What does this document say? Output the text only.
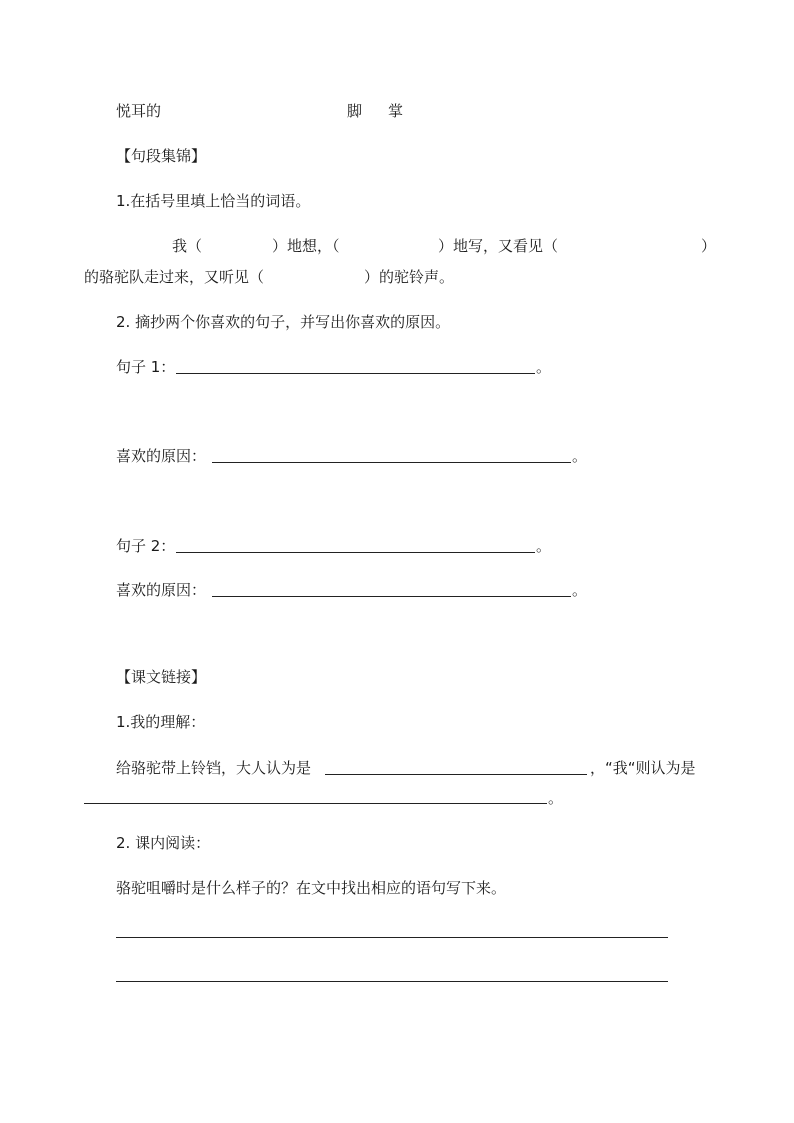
悦耳的	脚 掌
【句段集锦】
1.在括号里填上恰当的词语。
我（	）地想，（	）地写，又看见（	）
的骆驼队走过来，又听见（	）的驼铃声。
2. 摘抄两个你喜欢的句子，并写出你喜欢的原因。
句子 1：	。
喜欢的原因：	。
句子 2：	。
喜欢的原因：	。
【课文链接】
1.我的理解：
给骆驼带上铃铛，大人认为是	，“我“则认为是
。
2. 课内阅读：
骆驼咀嚼时是什么样子的？在文中找出相应的语句写下来。
